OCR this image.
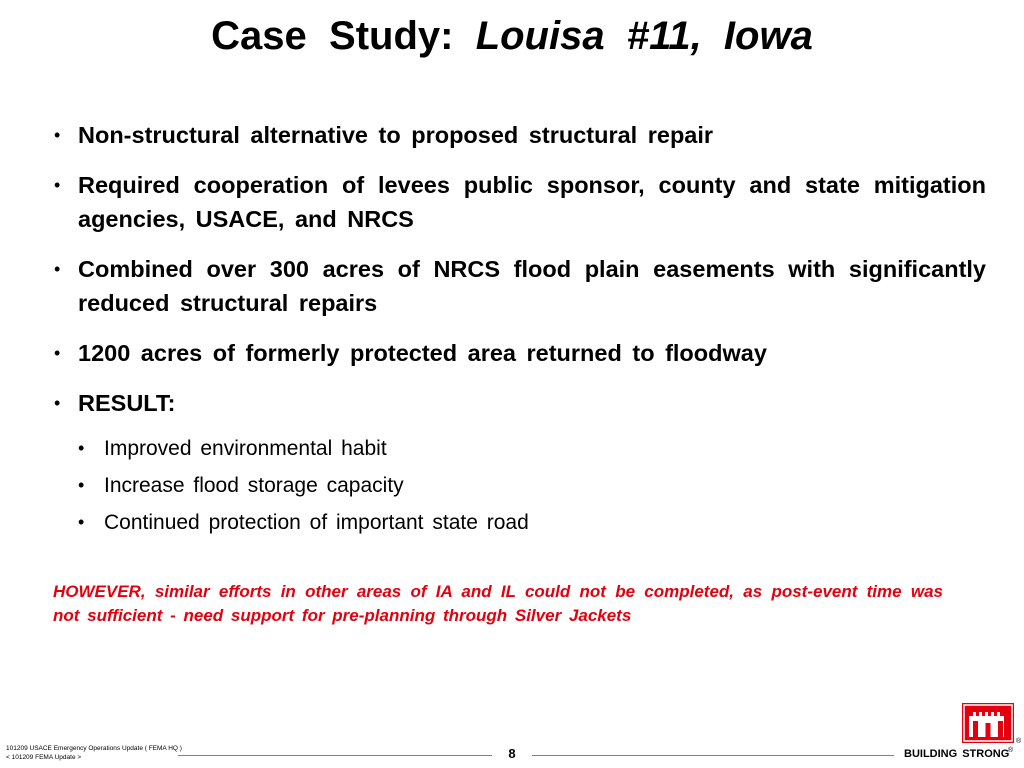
Case  Study: Louisa  #11,  Iowa
• Non-structural alternative to proposed structural repair
• Required cooperation of levees public sponsor, county and state mitigation agencies, USACE, and NRCS
• Combined over 300 acres of NRCS flood plain easements with significantly reduced structural repairs
• 1200 acres of formerly protected area returned to floodway
• RESULT:
• Improved environmental habit
• Increase flood storage capacity
• Continued protection of important state road
HOWEVER, similar efforts in other areas of IA and IL could not be completed, as post-event time was not sufficient - need support for pre-planning through Silver Jackets
101209 USACE Emergency Operations Update ( FEMA HQ )
< 101209 FEMA Update >	8	BUILDING STRONG
®
®
